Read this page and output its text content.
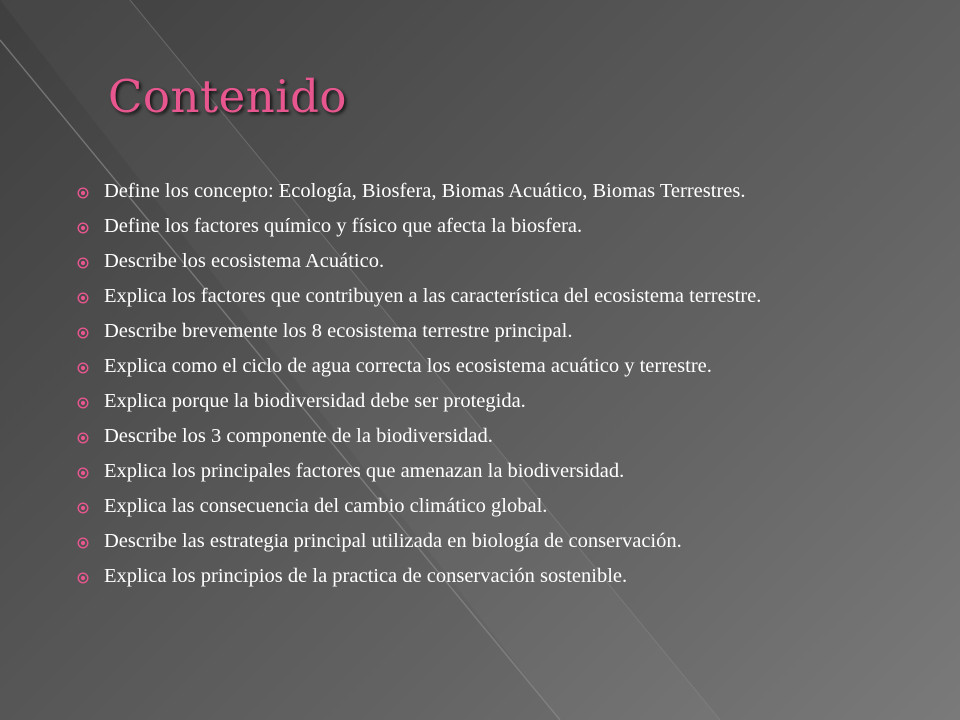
Contenido
Define los concepto: Ecología, Biosfera, Biomas Acuático, Biomas Terrestres.
Define los factores químico y físico que afecta la biosfera.
Describe los ecosistema Acuático.
Explica los factores que contribuyen a las característica del ecosistema terrestre.
Describe brevemente los 8 ecosistema terrestre principal.
Explica como el ciclo de agua correcta los ecosistema acuático y terrestre.
Explica porque la biodiversidad debe ser protegida.
Describe los 3 componente de la biodiversidad.
Explica los principales factores que amenazan la biodiversidad.
Explica las consecuencia del cambio climático global.
Describe las estrategia principal utilizada en biología de conservación.
Explica los principios de la practica de conservación sostenible.
